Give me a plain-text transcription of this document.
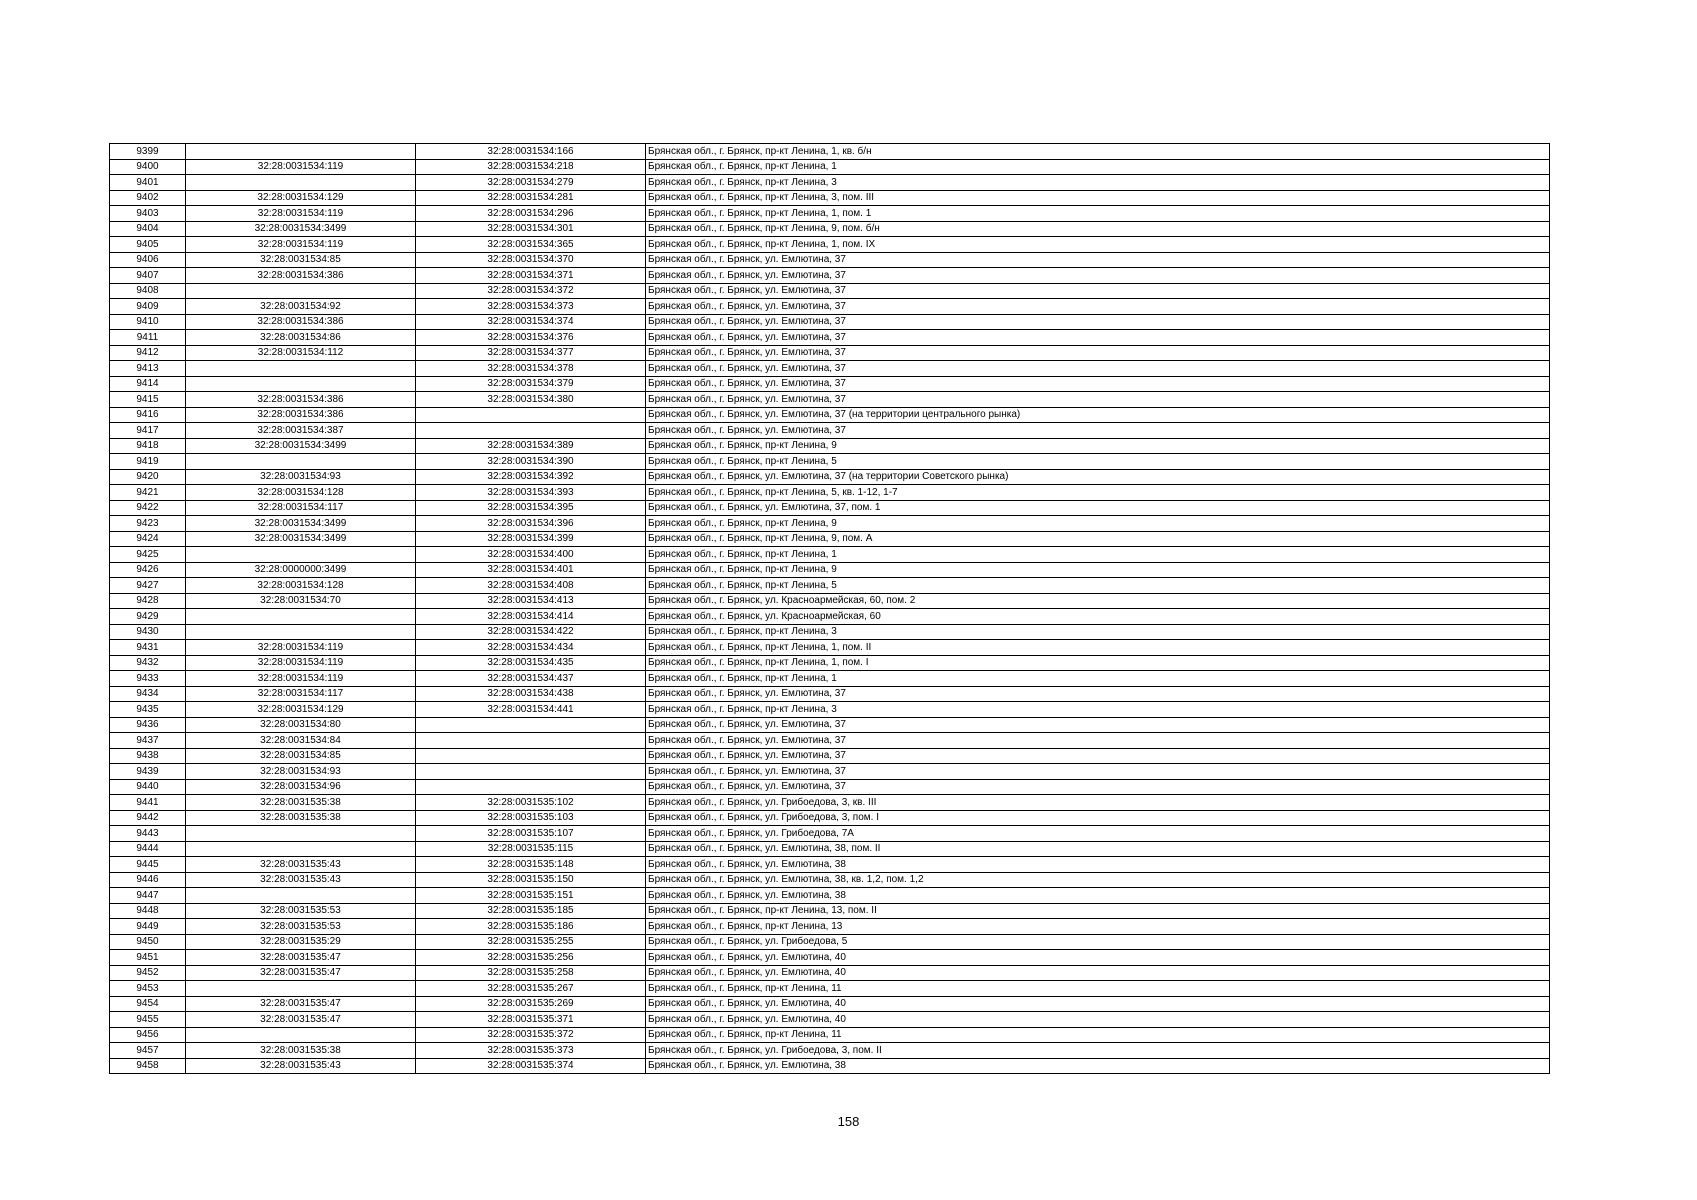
9399		32:28:0031534:166	Брянская обл., г. Брянск, пр-кт Ленина, 1, кв. б/н
9400	32:28:0031534:119	32:28:0031534:218	Брянская обл., г. Брянск, пр-кт Ленина, 1
9401		32:28:0031534:279	Брянская обл., г. Брянск, пр-кт Ленина, 3
9402	32:28:0031534:129	32:28:0031534:281	Брянская обл., г. Брянск, пр-кт Ленина, 3, пом. III
9403	32:28:0031534:119	32:28:0031534:296	Брянская обл., г. Брянск, пр-кт Ленина, 1, пом. 1
9404	32:28:0031534:3499	32:28:0031534:301	Брянская обл., г. Брянск, пр-кт Ленина, 9, пом. б/н
9405	32:28:0031534:119	32:28:0031534:365	Брянская обл., г. Брянск, пр-кт Ленина, 1, пом. IX
9406	32:28:0031534:85	32:28:0031534:370	Брянская обл., г. Брянск, ул. Емлютина, 37
9407	32:28:0031534:386	32:28:0031534:371	Брянская обл., г. Брянск, ул. Емлютина, 37
9408		32:28:0031534:372	Брянская обл., г. Брянск, ул. Емлютина, 37
9409	32:28:0031534:92	32:28:0031534:373	Брянская обл., г. Брянск, ул. Емлютина, 37
9410	32:28:0031534:386	32:28:0031534:374	Брянская обл., г. Брянск, ул. Емлютина, 37
9411	32:28:0031534:86	32:28:0031534:376	Брянская обл., г. Брянск, ул. Емлютина, 37
9412	32:28:0031534:112	32:28:0031534:377	Брянская обл., г. Брянск, ул. Емлютина, 37
9413		32:28:0031534:378	Брянская обл., г. Брянск, ул. Емлютина, 37
9414		32:28:0031534:379	Брянская обл., г. Брянск, ул. Емлютина, 37
9415	32:28:0031534:386	32:28:0031534:380	Брянская обл., г. Брянск, ул. Емлютина, 37
9416	32:28:0031534:386		Брянская обл., г. Брянск, ул. Емлютина, 37 (на территории центрального рынка)
9417	32:28:0031534:387		Брянская обл., г. Брянск, ул. Емлютина, 37
9418	32:28:0031534:3499	32:28:0031534:389	Брянская обл., г. Брянск, пр-кт Ленина, 9
9419		32:28:0031534:390	Брянская обл., г. Брянск, пр-кт Ленина, 5
9420	32:28:0031534:93	32:28:0031534:392	Брянская обл., г. Брянск, ул. Емлютина, 37 (на территории Советского рынка)
9421	32:28:0031534:128	32:28:0031534:393	Брянская обл., г. Брянск, пр-кт Ленина, 5, кв. 1-12, 1-7
9422	32:28:0031534:117	32:28:0031534:395	Брянская обл., г. Брянск, ул. Емлютина, 37, пом. 1
9423	32:28:0031534:3499	32:28:0031534:396	Брянская обл., г. Брянск, пр-кт Ленина, 9
9424	32:28:0031534:3499	32:28:0031534:399	Брянская обл., г. Брянск, пр-кт Ленина, 9, пом. А
9425		32:28:0031534:400	Брянская обл., г. Брянск, пр-кт Ленина, 1
9426	32:28:0000000:3499	32:28:0031534:401	Брянская обл., г. Брянск, пр-кт Ленина, 9
9427	32:28:0031534:128	32:28:0031534:408	Брянская обл., г. Брянск, пр-кт Ленина, 5
9428	32:28:0031534:70	32:28:0031534:413	Брянская обл., г. Брянск, ул. Красноармейская, 60, пом. 2
9429		32:28:0031534:414	Брянская обл., г. Брянск, ул. Красноармейская, 60
9430		32:28:0031534:422	Брянская обл., г. Брянск, пр-кт Ленина, 3
9431	32:28:0031534:119	32:28:0031534:434	Брянская обл., г. Брянск, пр-кт Ленина, 1, пом. II
9432	32:28:0031534:119	32:28:0031534:435	Брянская обл., г. Брянск, пр-кт Ленина, 1, пом. I
9433	32:28:0031534:119	32:28:0031534:437	Брянская обл., г. Брянск, пр-кт Ленина, 1
9434	32:28:0031534:117	32:28:0031534:438	Брянская обл., г. Брянск, ул. Емлютина, 37
9435	32:28:0031534:129	32:28:0031534:441	Брянская обл., г. Брянск, пр-кт Ленина, 3
9436	32:28:0031534:80		Брянская обл., г. Брянск, ул. Емлютина, 37
9437	32:28:0031534:84		Брянская обл., г. Брянск, ул. Емлютина, 37
9438	32:28:0031534:85		Брянская обл., г. Брянск, ул. Емлютина, 37
9439	32:28:0031534:93		Брянская обл., г. Брянск, ул. Емлютина, 37
9440	32:28:0031534:96		Брянская обл., г. Брянск, ул. Емлютина, 37
9441	32:28:0031535:38	32:28:0031535:102	Брянская обл., г. Брянск, ул. Грибоедова, 3, кв. III
9442	32:28:0031535:38	32:28:0031535:103	Брянская обл., г. Брянск, ул. Грибоедова, 3, пом. I
9443		32:28:0031535:107	Брянская обл., г. Брянск, ул. Грибоедова, 7А
9444		32:28:0031535:115	Брянская обл., г. Брянск, ул. Емлютина, 38, пом. II
9445	32:28:0031535:43	32:28:0031535:148	Брянская обл., г. Брянск, ул. Емлютина, 38
9446	32:28:0031535:43	32:28:0031535:150	Брянская обл., г. Брянск, ул. Емлютина, 38, кв. 1,2, пом. 1,2
9447		32:28:0031535:151	Брянская обл., г. Брянск, ул. Емлютина, 38
9448	32:28:0031535:53	32:28:0031535:185	Брянская обл., г. Брянск, пр-кт Ленина, 13, пом. II
9449	32:28:0031535:53	32:28:0031535:186	Брянская обл., г. Брянск, пр-кт Ленина, 13
9450	32:28:0031535:29	32:28:0031535:255	Брянская обл., г. Брянск, ул. Грибоедова, 5
9451	32:28:0031535:47	32:28:0031535:256	Брянская обл., г. Брянск, ул. Емлютина, 40
9452	32:28:0031535:47	32:28:0031535:258	Брянская обл., г. Брянск, ул. Емлютина, 40
9453		32:28:0031535:267	Брянская обл., г. Брянск, пр-кт Ленина, 11
9454	32:28:0031535:47	32:28:0031535:269	Брянская обл., г. Брянск, ул. Емлютина, 40
9455	32:28:0031535:47	32:28:0031535:371	Брянская обл., г. Брянск, ул. Емлютина, 40
9456		32:28:0031535:372	Брянская обл., г. Брянск, пр-кт Ленина, 11
9457	32:28:0031535:38	32:28:0031535:373	Брянская обл., г. Брянск, ул. Грибоедова, 3, пом. II
9458	32:28:0031535:43	32:28:0031535:374	Брянская обл., г. Брянск, ул. Емлютина, 38
158
